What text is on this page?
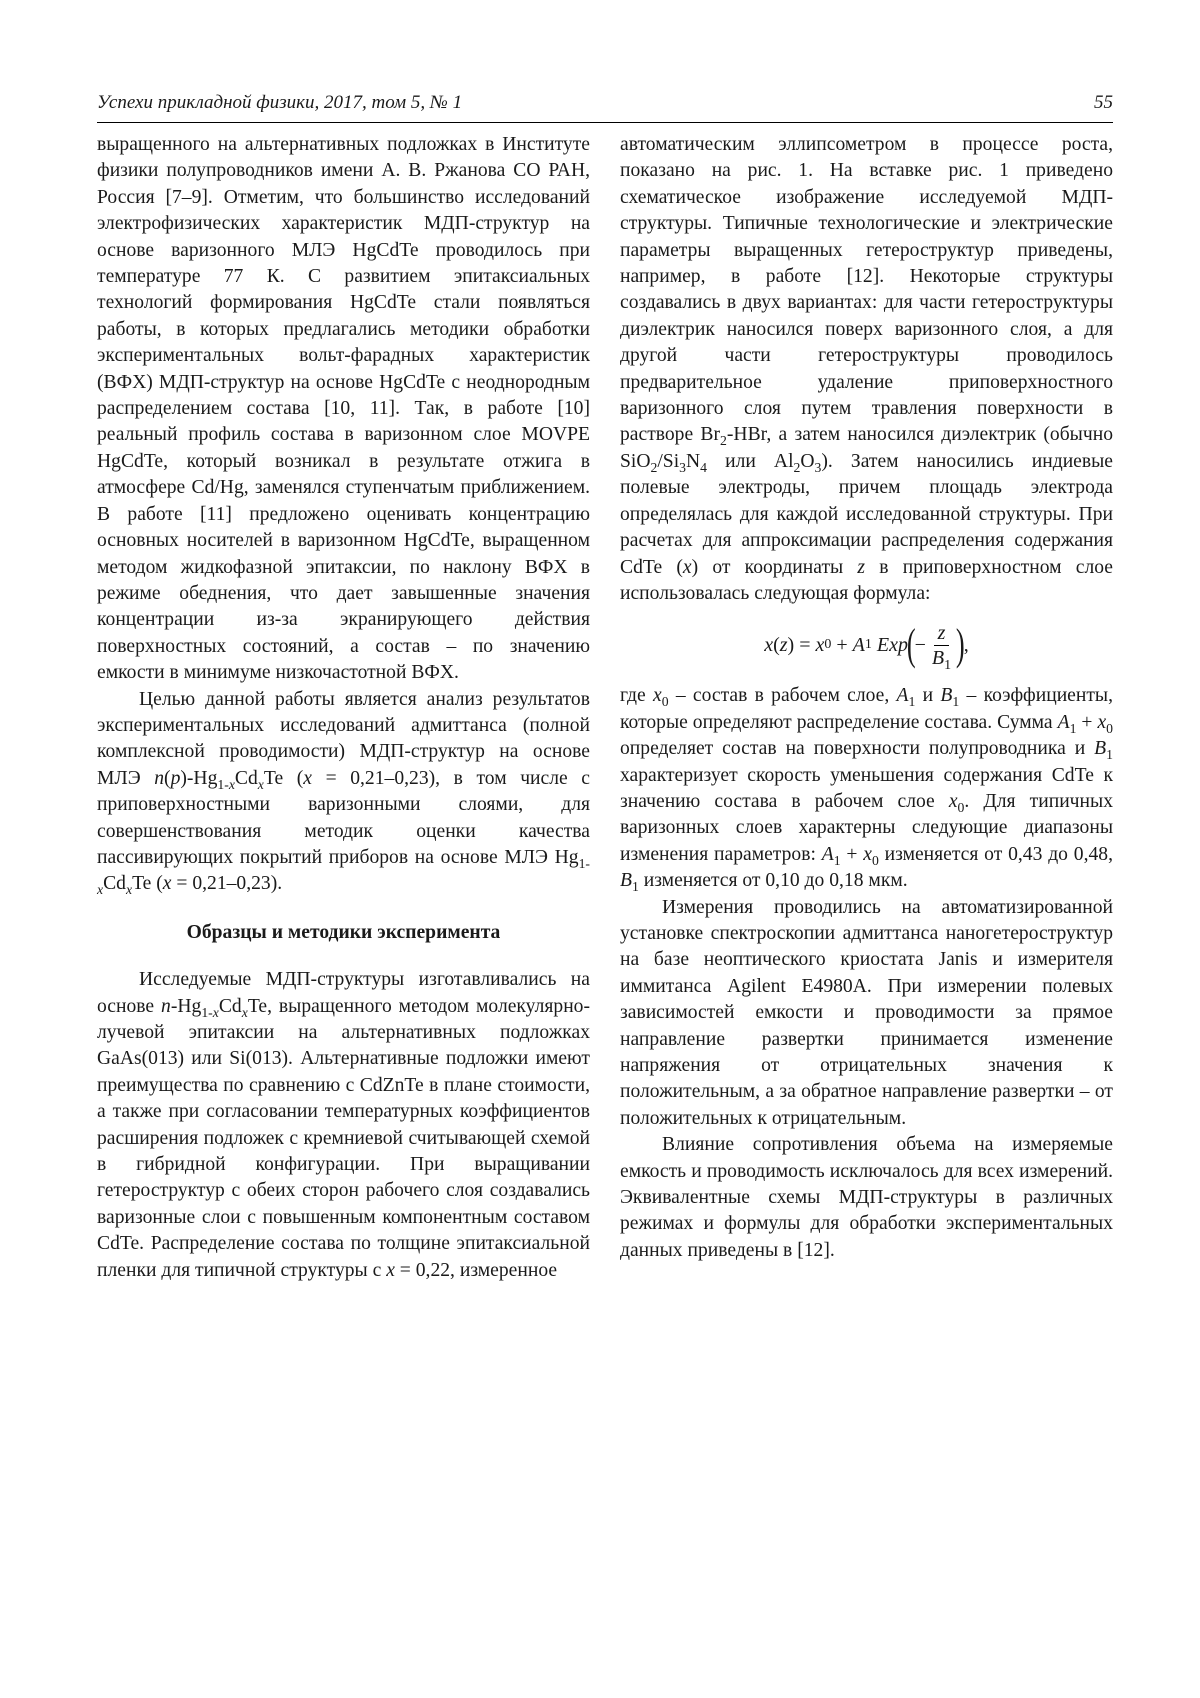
Успехи прикладной физики, 2017, том 5, № 1	55

выращенного на альтернативных подложках в Институте физики полупроводников имени А. В. Ржанова СО РАН, Россия [7–9]. Отметим, что большинство исследований электрофизических характеристик МДП-структур на основе варизонного МЛЭ HgCdTe проводилось при температуре 77 К. С развитием эпитаксиальных технологий формирования HgCdTe стали появляться работы, в которых предлагались методики обработки экспериментальных вольт-фарадных характеристик (ВФХ) МДП-структур на основе HgCdTe с неоднородным распределением состава [10, 11]. Так, в работе [10] реальный профиль состава в варизонном слое MOVPE HgCdTe, который возникал в результате отжига в атмосфере Cd/Hg, заменялся ступенчатым приближением. В работе [11] предложено оценивать концентрацию основных носителей в варизонном HgCdTe, выращенном методом жидкофазной эпитаксии, по наклону ВФХ в режиме обеднения, что дает завышенные значения концентрации из-за экранирующего действия поверхностных состояний, а состав – по значению емкости в минимуме низкочастотной ВФХ.

Целью данной работы является анализ результатов экспериментальных исследований адмиттанса (полной комплексной проводимости) МДП-структур на основе МЛЭ $n(p)-Hg_{1-x}Cd_xTe$ (x = 0,21–0,23), в том числе с приповерхностными варизонными слоями, для совершенствования методик оценки качества пассивирующих покрытий приборов на основе МЛЭ $Hg_{1-x}Cd_xTe$ (x = 0,21–0,23).

Образцы и методики эксперимента

Исследуемые МДП-структуры изготавливались на основе $n-Hg_{1-x}Cd_xTe$, выращенного методом молекулярно-лучевой эпитаксии на альтернативных подложках GaAs(013) или Si(013). Альтернативные подложки имеют преимущества по сравнению с CdZnTe в плане стоимости, а также при согласовании температурных коэффициентов расширения подложек с кремниевой считывающей схемой в гибридной конфигурации. При выращивании гетероструктур с обеих сторон рабочего слоя создавались варизонные слои с повышенным компонентным составом CdTe. Распределение состава по толщине эпитаксиальной пленки для типичной структуры с x = 0,22, измеренное

автоматическим эллипсометром в процессе роста, показано на рис. 1. На вставке рис. 1 приведено схематическое изображение исследуемой МДП-структуры. Типичные технологические и электрические параметры выращенных гетероструктур приведены, например, в работе [12]. Некоторые структуры создавались в двух вариантах: для части гетероструктуры диэлектрик наносился поверх варизонного слоя, а для другой части гетероструктуры проводилось предварительное удаление приповерхностного варизонного слоя путем травления поверхности в растворе $Br_2$-HBr, а затем наносился диэлектрик (обычно $SiO_2/Si_3N_4$ или $Al_2O_3$). Затем наносились индиевые полевые электроды, причем площадь электрода определялась для каждой исследованной структуры. При расчетах для аппроксимации распределения содержания CdTe (x) от координаты z в приповерхностном слое использовалась следующая формула:

x ( z ) = x 0 + A 1
Exp
(
− $\frac{z}{B_1}$ )
,

где $x_0$ – состав в рабочем слое, $A_1$ и $B_1$ – коэффициенты, которые определяют распределение состава. Сумма $A_1 + x_0$ определяет состав на поверхности полупроводника и $B_1$ характеризует скорость уменьшения содержания CdTe к значению состава в рабочем слое $x_0$. Для типичных варизонных слоев характерны следующие диапазоны изменения параметров: $A_1 + x_0$ изменяется от 0,43 до 0,48, $B_1$ изменяется от 0,10 до 0,18 мкм.

Измерения проводились на автоматизированной установке спектроскопии адмиттанса наногетероструктур на базе неоптического криостата Janis и измерителя иммитанса Agilent E4980A. При измерении полевых зависимостей емкости и проводимости за прямое направление развертки принимается изменение напряжения от отрицательных значения к положительным, а за обратное направление развертки – от положительных к отрицательным.

Влияние сопротивления объема на измеряемые емкость и проводимость исключалось для всех измерений. Эквивалентные схемы МДП-структуры в различных режимах и формулы для обработки экспериментальных данных приведены в [12].
